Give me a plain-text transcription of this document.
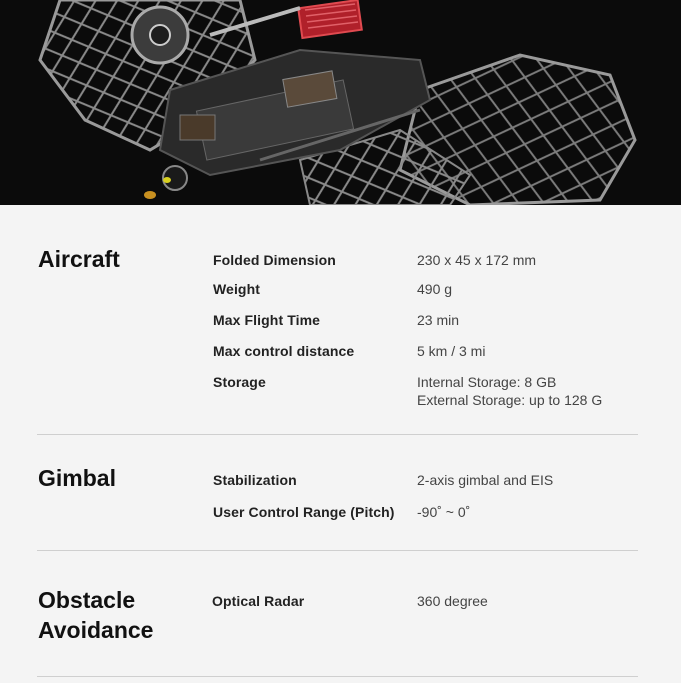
Aircraft	Folded Dimension	230 x 45 x 172 mm
Weight	490 g
Max Flight Time	23 min
Max control distance	5 km / 3 mi
Storage	Internal Storage: 8 GB
External Storage: up to 128 G
Gimbal	Stabilization	2-axis gimbal and EIS
User Control Range (Pitch) -90˚ ~ 0˚
Obstacle
Avoidance
Optical Radar	360 degree
